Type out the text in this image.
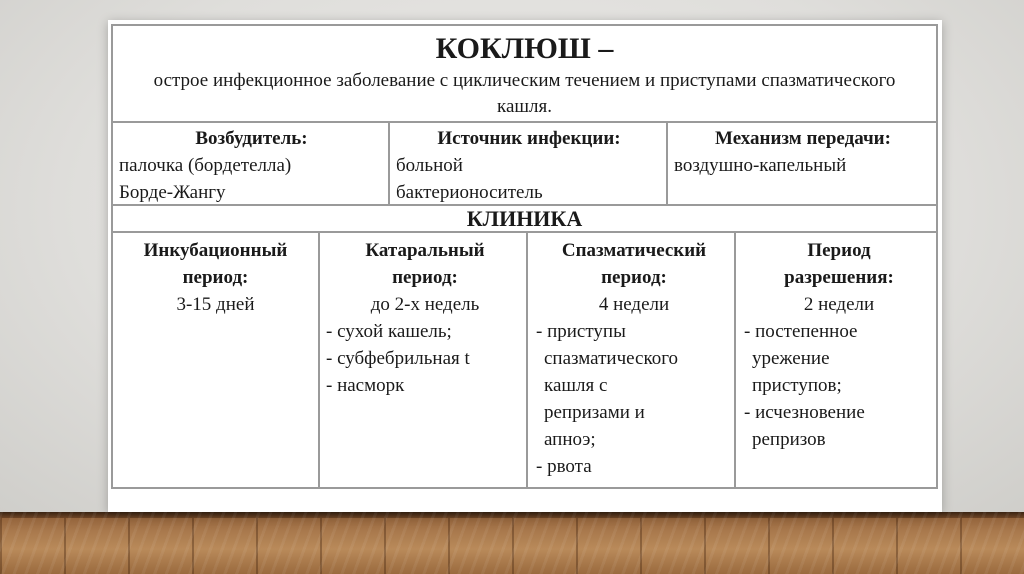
КОКЛЮШ –
острое инфекционное заболевание с циклическим течением и приступами спазматического кашля.
Возбудитель:
палочка (бордетелла)
Борде-Жангу
Источник инфекции:
больной
бактерионоситель
Механизм передачи:
воздушно-капельный
КЛИНИКА
Инкубационный
период:
3-15 дней
Катаральный
период:
до 2-х недель
- сухой кашель;
- субфебрильная t
- насморк
Спазматический
период:
4 недели
- приступы
спазматического
кашля с
репризами и
апноэ;
- рвота
Период
разрешения:
2 недели
- постепенное
урежение
приступов;
- исчезновение
репризов
